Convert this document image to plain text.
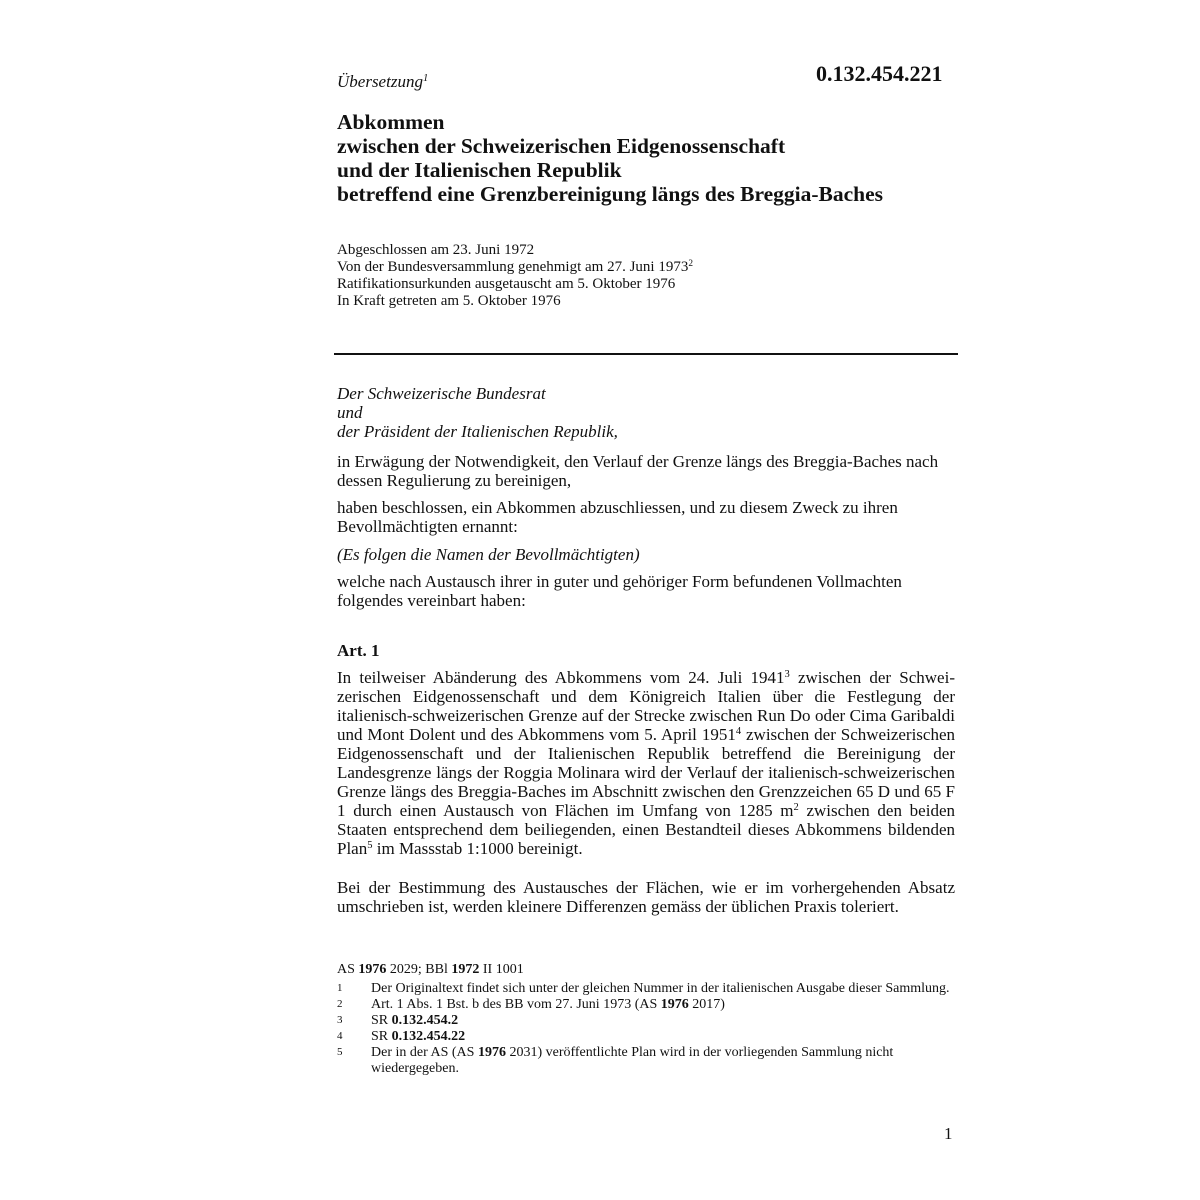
Übersetzung$^1$	0.132.454.221
Abkommen
zwischen der Schweizerischen Eidgenossenschaft
und der Italienischen Republik
betreffend eine Grenzbereinigung längs des Breggia-Baches
Abgeschlossen am 23. Juni 1972
Von der Bundesversammlung genehmigt am 27. Juni 1973$^2$
Ratifikationsurkunden ausgetauscht am 5. Oktober 1976
In Kraft getreten am 5. Oktober 1976
Der Schweizerische Bundesrat
und
der Präsident der Italienischen Republik,
in Erwägung der Notwendigkeit, den Verlauf der Grenze längs des Breggia-Baches nach dessen Regulierung zu bereinigen,
haben beschlossen, ein Abkommen abzuschliessen, und zu diesem Zweck zu ihren Bevollmächtigten ernannt:
(Es folgen die Namen der Bevollmächtigten)
welche nach Austausch ihrer in guter und gehöriger Form befundenen Vollmachten folgendes vereinbart haben:
Art. 1
In teilweiser Abänderung des Abkommens vom 24. Juli 1941$^3$ zwischen der Schweizerischen Eidgenossenschaft und dem Königreich Italien über die Festlegung der italienisch-schweizerischen Grenze auf der Strecke zwischen Run Do oder Cima Garibaldi und Mont Dolent und des Abkommens vom 5. April 1951$^4$ zwischen der Schweizerischen Eidgenossenschaft und der Italienischen Republik betreffend die Bereinigung der Landesgrenze längs der Roggia Molinara wird der Verlauf der italienisch-schweizerischen Grenze längs des Breggia-Baches im Abschnitt zwischen den Grenzzeichen 65 D und 65 F 1 durch einen Austausch von Flächen im Umfang von 1285 $m^2$ zwischen den beiden Staaten entsprechend dem beiliegenden, einen Bestandteil dieses Abkommens bildenden Plan$^5$ im Massstab 1:1000 bereinigt.
Bei der Bestimmung des Austausches der Flächen, wie er im vorhergehenden Absatz umschrieben ist, werden kleinere Differenzen gemäss der üblichen Praxis toleriert.
AS 1976 2029; BBl 1972 II 1001
1	Der Originaltext findet sich unter der gleichen Nummer in der italienischen Ausgabe dieser Sammlung.
2	Art. 1 Abs. 1 Bst. b des BB vom 27. Juni 1973 (AS 1976 2017)
3	SR 0.132.454.2
4	SR 0.132.454.22
5	Der in der AS (AS 1976 2031) veröffentlichte Plan wird in der vorliegenden Sammlung nicht wiedergegeben.
1
